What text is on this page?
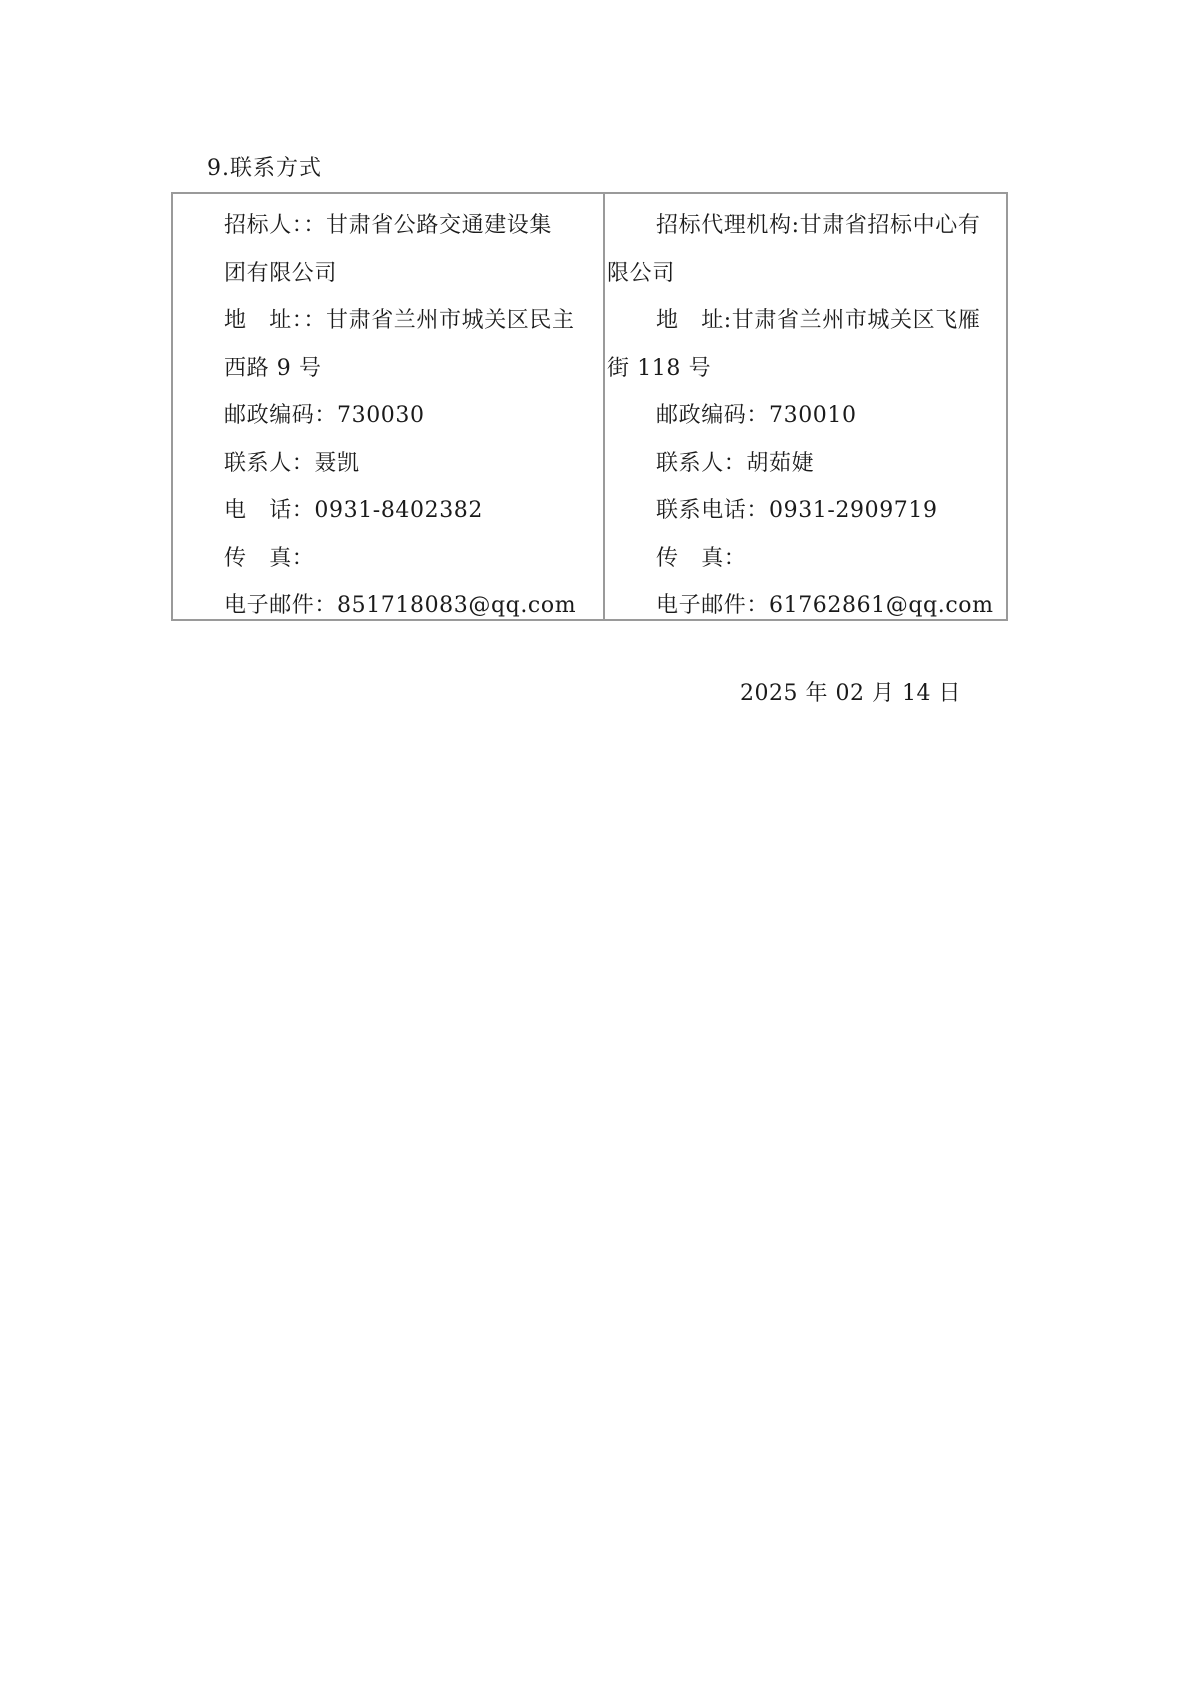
9.联系方式
招标人：：甘肃省公路交通建设集
团有限公司
地　址：：甘肃省兰州市城关区民主
西路 9 号
邮政编码：730030
联系人：聂凯
电　话：0931-8402382
传　真：
电子邮件：851718083@qq.com
招标代理机构:甘肃省招标中心有
限公司
地　址:甘肃省兰州市城关区飞雁
街 118 号
邮政编码：730010
联系人：胡茹婕
联系电话：0931-2909719
传　真：
电子邮件：61762861@qq.com
2025 年 02 月 14 日
